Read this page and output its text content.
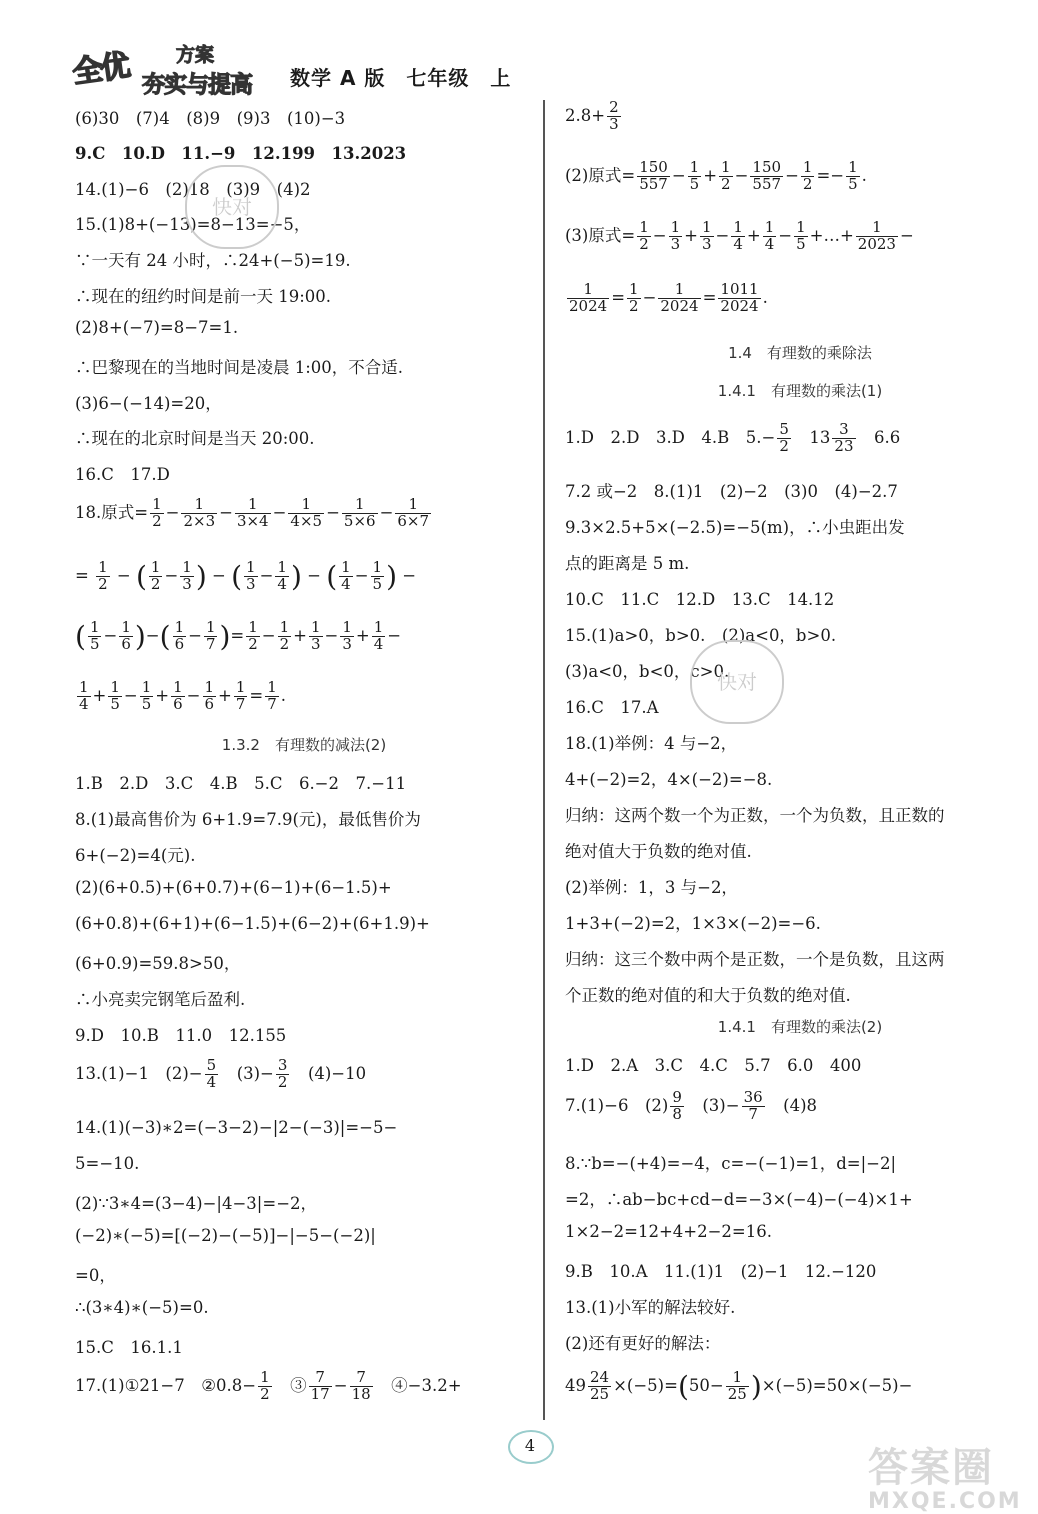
全优 方案
夯实与提高 数学 A 版　七年级　上
(6)30　(7)4　(8)9　(9)3　(10)−3
9.C　10.D　11.−9　12.199　13.2023
14.(1)−6　(2)18　(3)9　(4)2
15.(1)8+(−13)=8−13=−5，
∵一天有 24 小时，∴24+(−5)=19.
∴现在的纽约时间是前一天 19:00.
(2)8+(−7)=8−7=1.
∴巴黎现在的当地时间是凌晨 1:00，不合适.
(3)6−(−14)=20，
∴现在的北京时间是当天 20:00.
16.C　17.D
18.原式= $\frac{1}{2} - \frac{1}{2\times 3} - \frac{1}{3\times 4} - \frac{1}{4\times 5} - \frac{1}{5\times 6} - \frac{1}{6\times 7}$
= $\frac{1}{2}$ − ( $\frac{1}{2} - \frac{1}{3}$ ) − ( $\frac{1}{3} - \frac{1}{4}$ ) − ( $\frac{1}{4} - \frac{1}{5}$ ) −
( $\frac{1}{5} - \frac{1}{6}$ )−( $\frac{1}{6} - \frac{1}{7}$ )= $\frac{1}{2} - \frac{1}{2} + \frac{1}{3} - \frac{1}{3} + \frac{1}{4}$ −
$\frac{1}{4} + \frac{1}{5} - \frac{1}{5} + \frac{1}{6} - \frac{1}{6} + \frac{1}{7} = \frac{1}{7}$ .
1.3.2　有理数的减法(2)
1.B　2.D　3.C　4.B　5.C　6.−2　7.−11
8.(1)最高售价为 6+1.9=7.9(元)，最低售价为
6+(−2)=4(元).
(2)(6+0.5)+(6+0.7)+(6−1)+(6−1.5)+
(6+0.8)+(6+1)+(6−1.5)+(6−2)+(6+1.9)+
(6+0.9)=59.8>50，
∴小亮卖完钢笔后盈利.
9.D　10.B　11.0　12.155
13.(1)−1　$(2)- \frac{5}{4}$ 　$(3)- \frac{3}{2}$ 　(4)−10
14.(1)(−3)∗2=(−3−2)−|2−(−3)|=−5−
5=−10.
(2)∵3∗4=(3−4)−|4−3|=−2，
(−2)∗(−5)=[(−2)−(−5)]−|−5−(−2)|
=0，
∴(3∗4)∗(−5)=0.
15.C　16.1.1
17.(1)①21−7　②0.8− $\frac{1}{2}$ 　③ $\frac{7}{17} - \frac{7}{18}$ 　④−3.2+
$2.8+ \frac{2}{3}$
(2)原式= $\frac{150}{557} - \frac{1}{5} + \frac{1}{2} - \frac{150}{557} - \frac{1}{2} =- \frac{1}{5}$ .
(3)原式= $\frac{1}{2} - \frac{1}{3} + \frac{1}{3} - \frac{1}{4} + \frac{1}{4} - \frac{1}{5}$ +…+ $\frac{1}{2023}$ −
$\frac{1}{2024} = \frac{1}{2} - \frac{1}{2024} = \frac{1011}{2024}$ .
1.4　有理数的乘除法
1.4.1　有理数的乘法(1)
1.D　2.D　3.D　4.B　$5.- \frac{5}{2}$ 　$13 \frac{3}{23}$ 　6.6
7.2 或−2　8.(1)1　(2)−2　(3)0　(4)−2.7
9.3×2.5+5×(−2.5)=−5(m)，∴小虫距出发
点的距离是 5 m.
10.C　11.C　12.D　13.C　14.12
15.(1)a>0，b>0.　(2)a<0，b>0.
(3)a<0，b<0，c>0.
16.C　17.A
18.(1)举例：4 与−2，
4+(−2)=2，4×(−2)=−8.
归纳：这两个数一个为正数，一个为负数，且正数的
绝对值大于负数的绝对值.
(2)举例：1，3 与−2，
1+3+(−2)=2，1×3×(−2)=−6.
归纳：这三个数中两个是正数，一个是负数，且这两
个正数的绝对值的和大于负数的绝对值.
1.4.1　有理数的乘法(2)
1.D　2.A　3.C　4.C　5.7　6.0　400
7.(1)−6　$(2) \frac{9}{8}$ 　$(3)- \frac{36}{7}$ 　(4)8
8.∵b=−(+4)=−4，c=−(−1)=1，d=|−2|
=2，∴ab−bc+cd−d=−3×(−4)−(−4)×1+
1×2−2=12+4+2−2=16.
9.B　10.A　11.(1)1　(2)−1　12.−120
13.(1)小军的解法较好.
(2)还有更好的解法：
$49 \frac{24}{25} \times(-5)=(50- \frac{1}{25} )\times(-5)=50\times(-5)-$
快对
快对
4	答案圈
MXQE.COM
